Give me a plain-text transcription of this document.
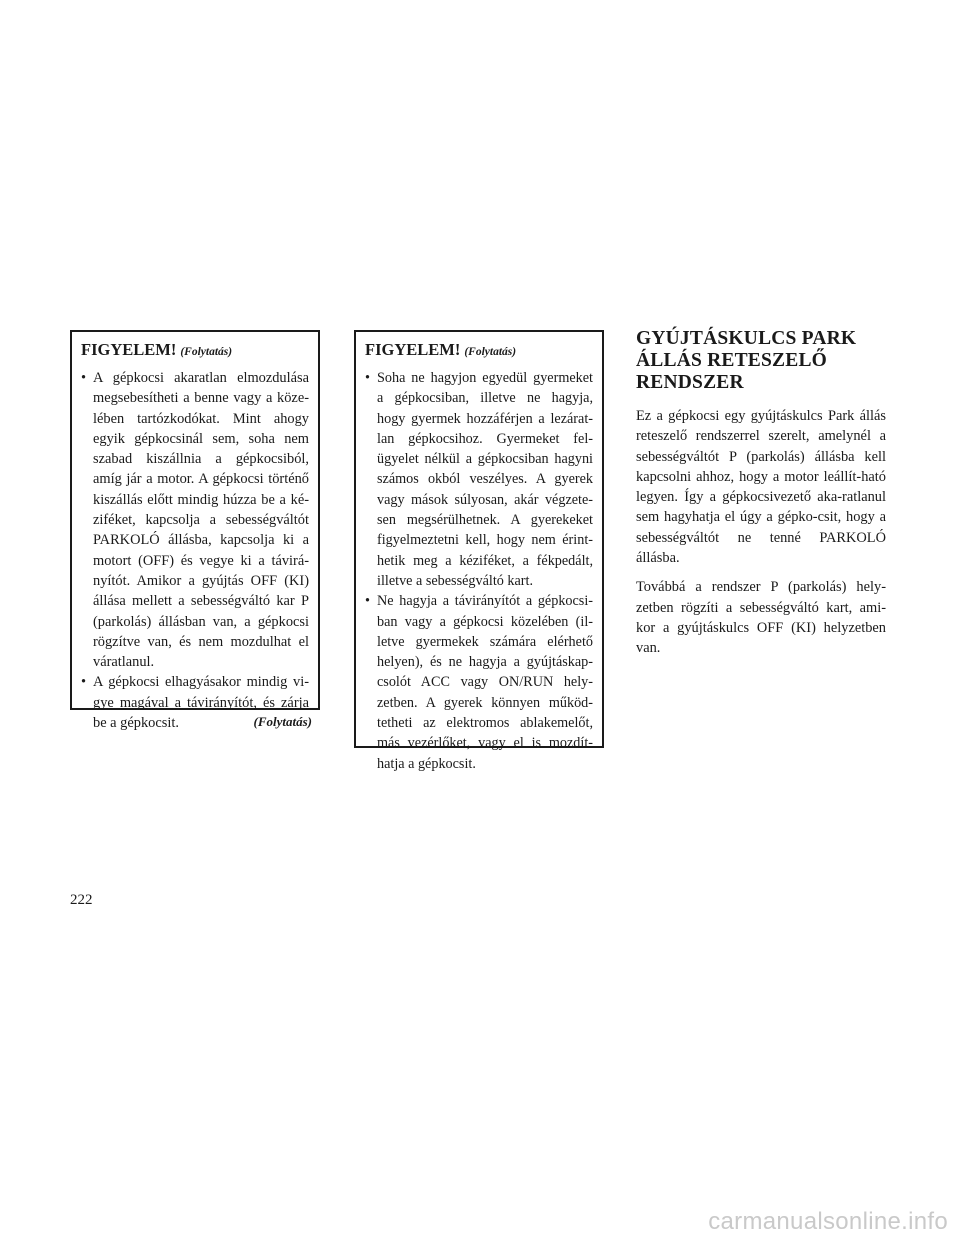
FIGYELEM! (Folytatás)
• A gépkocsi akaratlan elmozdulása megsebesítheti a benne vagy a köze-lében tartózkodókat. Mint ahogy egyik gépkocsinál sem, soha nem szabad kiszállnia a gépkocsiból, amíg jár a motor. A gépkocsi történő kiszállás előtt mindig húzza be a ké-ziféket, kapcsolja a sebességváltót PARKOLÓ állásba, kapcsolja ki a motort (OFF) és vegye ki a távirá-nyítót. Amikor a gyújtás OFF (KI) állása mellett a sebességváltó kar P (parkolás) állásban van, a gépkocsi rögzítve van, és nem mozdulhat el váratlanul.
• A gépkocsi elhagyásakor mindig vi-gye magával a távirányítót, és zárja be a gépkocsit.	(Folytatás)
FIGYELEM! (Folytatás)
• Soha ne hagyjon egyedül gyermeket a gépkocsiban, illetve ne hagyja, hogy gyermek hozzáférjen a lezárat-lan gépkocsihoz. Gyermeket fel-ügyelet nélkül a gépkocsiban hagyni számos okból veszélyes. A gyerek vagy mások súlyosan, akár végzete-sen megsérülhetnek. A gyerekeket figyelmeztetni kell, hogy nem érint-hetik meg a kéziféket, a fékpedált, illetve a sebességváltó kart.
• Ne hagyja a távirányítót a gépkocsi-ban vagy a gépkocsi közelében (il-letve gyermekek számára elérhető helyen), és ne hagyja a gyújtáskap-csolót ACC vagy ON/RUN hely-zetben. A gyerek könnyen működ-tetheti az elektromos ablakemelőt, más vezérlőket, vagy el is mozdít-hatja a gépkocsit.
GYÚJTÁSKULCS PARK ÁLLÁS RETESZELŐ RENDSZER

Ez a gépkocsi egy gyújtáskulcs Park állás reteszelő rendszerrel szerelt, amelynél a sebességváltót P (parkolás) állásba kell kapcsolni ahhoz, hogy a motor leállít-ható legyen. Így a gépkocsivezető aka-ratlanul sem hagyhatja el úgy a gépko-csit, hogy a sebességváltót ne tenné PARKOLÓ állásba.

Továbbá a rendszer P (parkolás) hely-zetben rögzíti a sebességváltó kart, ami-kor a gyújtáskulcs OFF (KI) helyzetben van.

222
carmanualsonline.info
